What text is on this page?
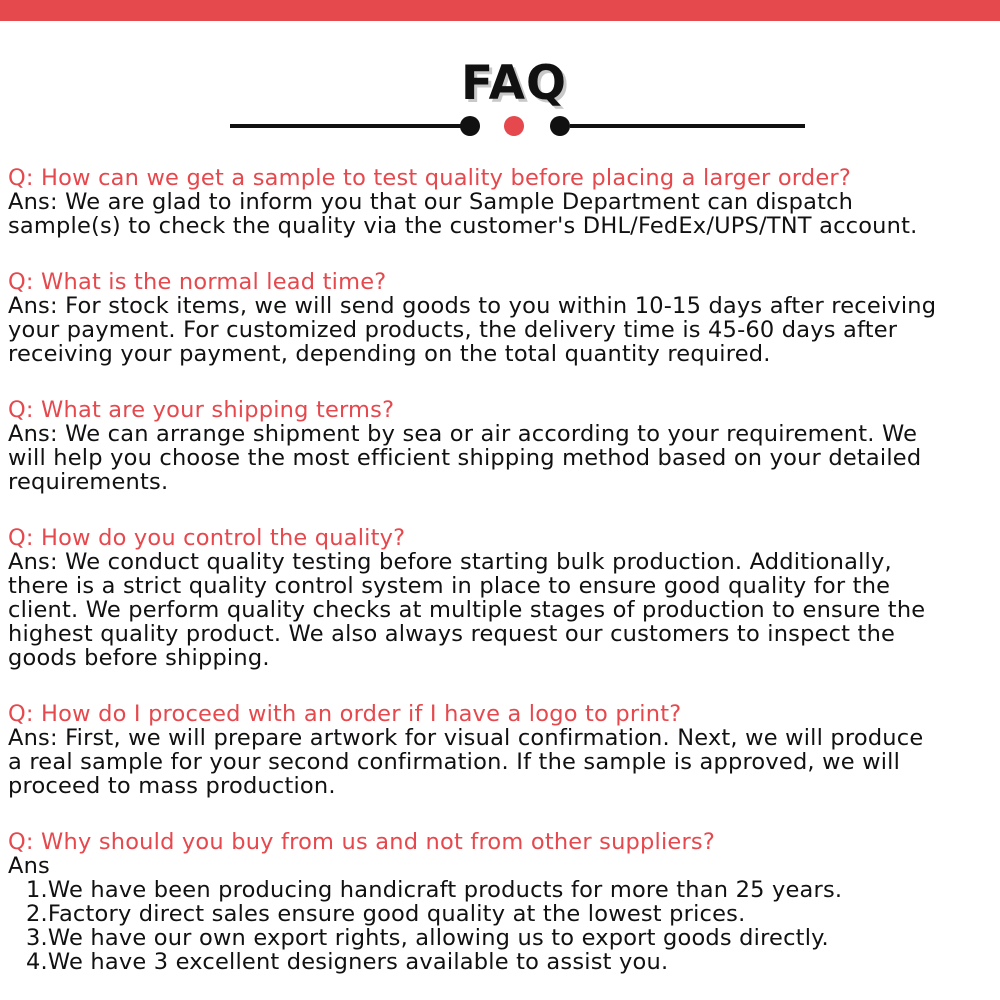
FAQ
Q: How can we get a sample to test quality before placing a larger order?
Ans: We are glad to inform you that our Sample Department can dispatch
sample(s) to check the quality via the customer's DHL/FedEx/UPS/TNT account.
Q: What is the normal lead time?
Ans: For stock items, we will send goods to you within 10-15 days after receiving
your payment. For customized products, the delivery time is 45-60 days after
receiving your payment, depending on the total quantity required.
Q: What are your shipping terms?
Ans: We can arrange shipment by sea or air according to your requirement. We
will help you choose the most efficient shipping method based on your detailed
requirements.
Q: How do you control the quality?
Ans: We conduct quality testing before starting bulk production. Additionally,
there is a strict quality control system in place to ensure good quality for the
client. We perform quality checks at multiple stages of production to ensure the
highest quality product. We also always request our customers to inspect the
goods before shipping.
Q: How do I proceed with an order if I have a logo to print?
Ans: First, we will prepare artwork for visual confirmation. Next, we will produce
a real sample for your second confirmation. If the sample is approved, we will
proceed to mass production.
Q: Why should you buy from us and not from other suppliers?
Ans
1.We have been producing handicraft products for more than 25 years.
2.Factory direct sales ensure good quality at the lowest prices.
3.We have our own export rights, allowing us to export goods directly.
4.We have 3 excellent designers available to assist you.
